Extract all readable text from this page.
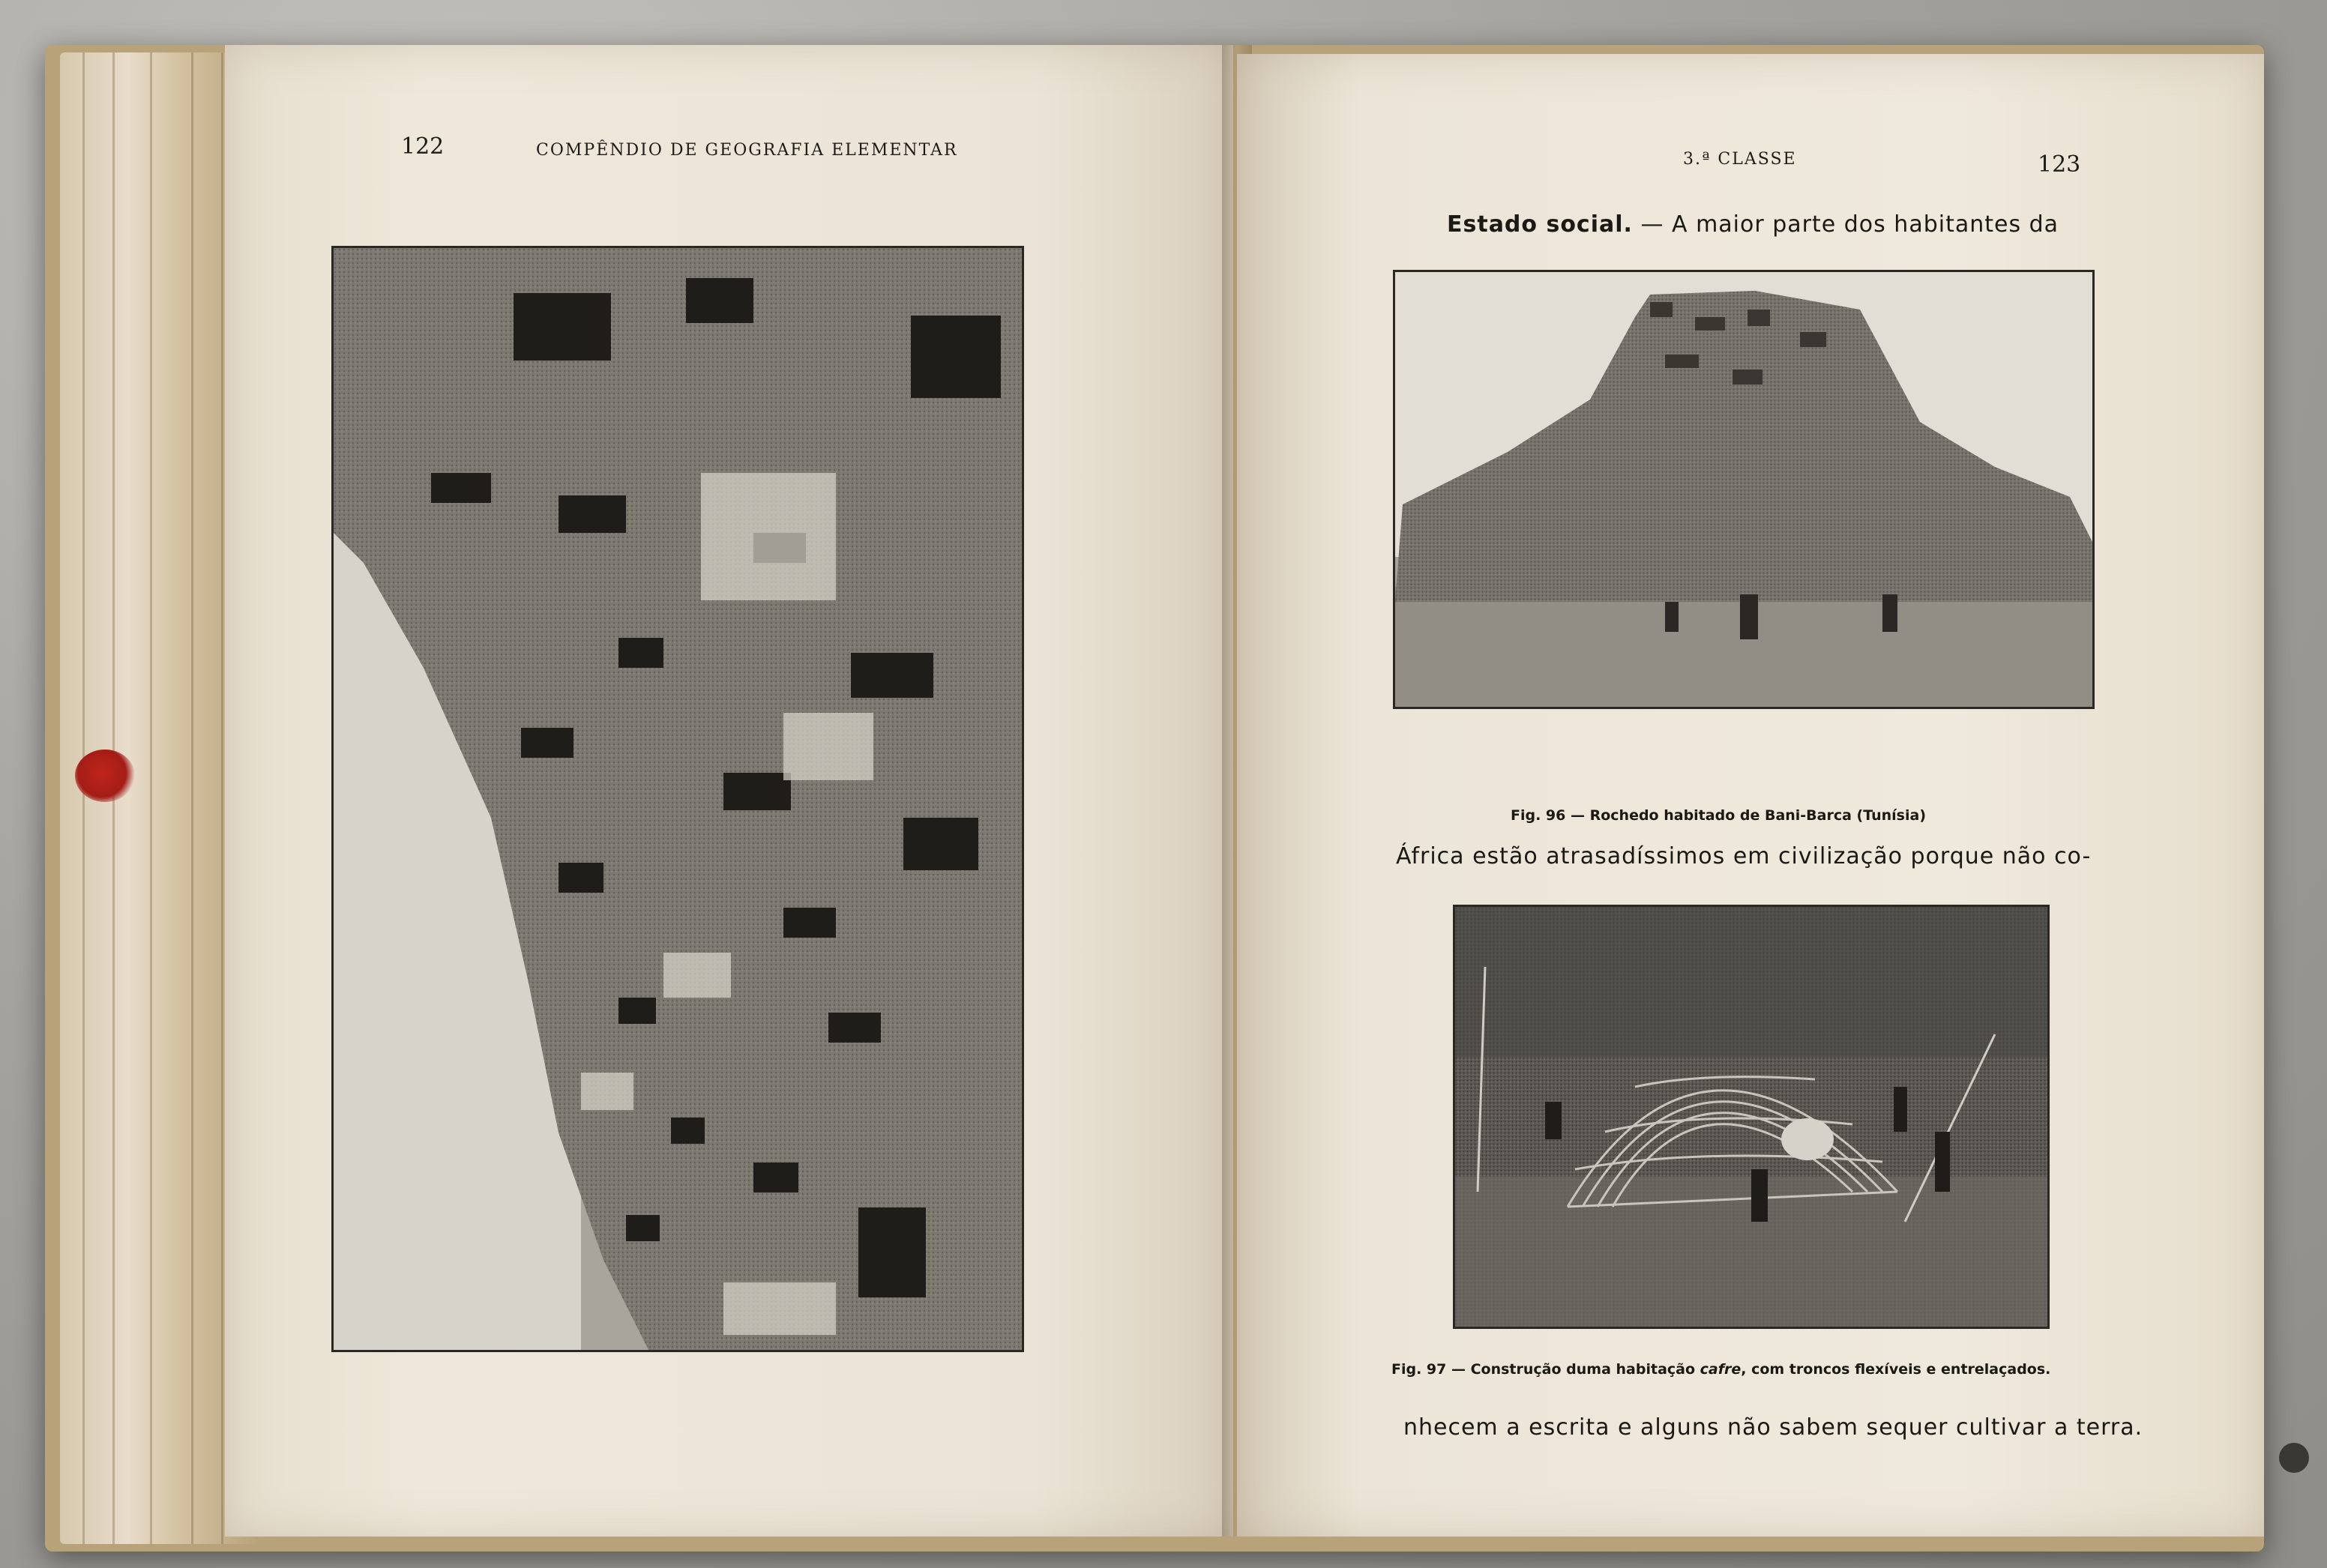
122	COMPÊNDIO DE GEOGRAFIA ELEMENTAR	3.ª CLASSE	123
Estado social. — A maior parte dos habitantes da
Fig. 96 — Rochedo habitado de Bani-Barca (Tunísia)
África estão atrasadíssimos em civilização porque não co-
Fig. 97 — Construção duma habitação cafre, com troncos flexíveis e entrelaçados.
nhecem a escrita e alguns não sabem sequer cultivar a terra.
